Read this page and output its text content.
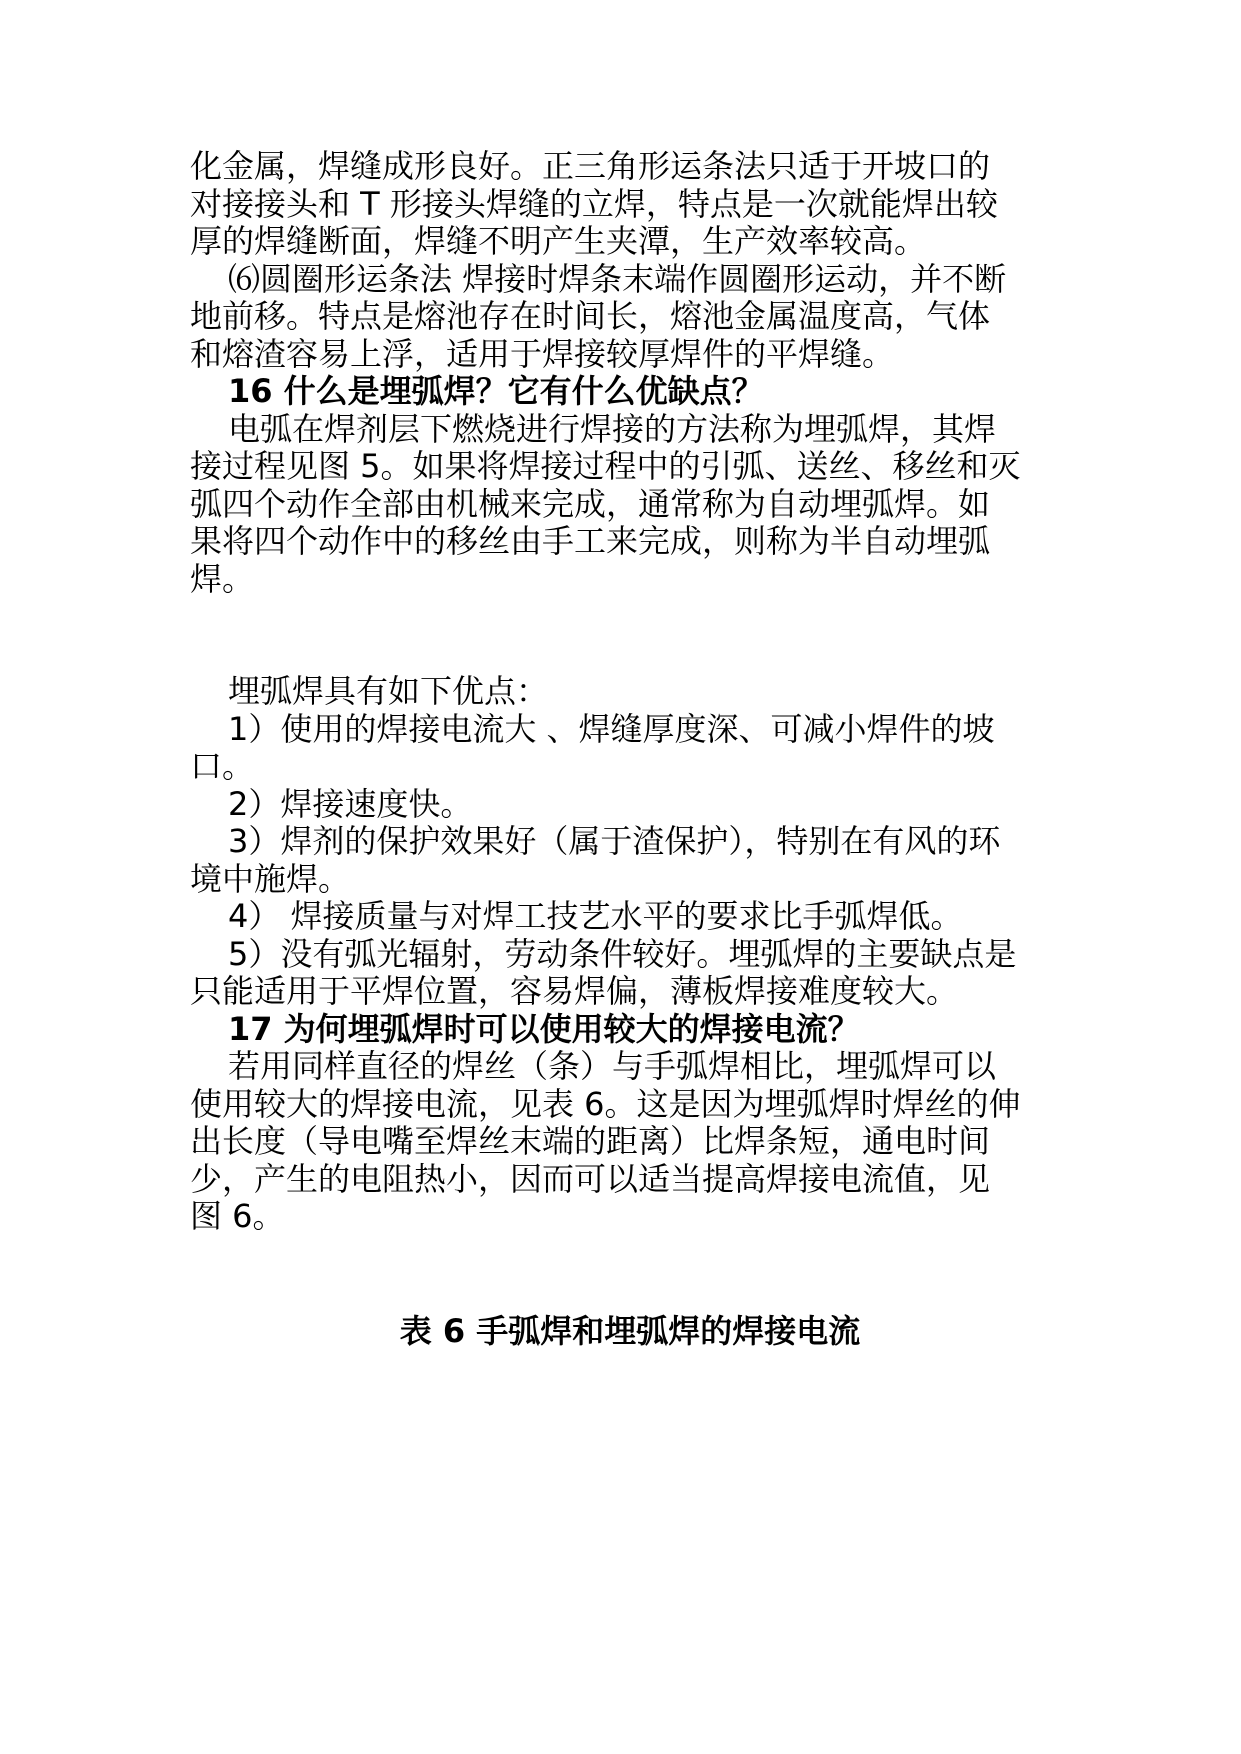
化金属，焊缝成形良好。正三角形运条法只适于开坡口的
对接接头和 T 形接头焊缝的立焊，特点是一次就能焊出较
厚的焊缝断面，焊缝不明产生夹潭，生产效率较高。
⑹圆圈形运条法 焊接时焊条末端作圆圈形运动，并不断
地前移。特点是熔池存在时间长，熔池金属温度高，气体
和熔渣容易上浮，适用于焊接较厚焊件的平焊缝。
16 什么是埋弧焊？它有什么优缺点？
电弧在焊剂层下燃烧进行焊接的方法称为埋弧焊，其焊
接过程见图 5。如果将焊接过程中的引弧、送丝、移丝和灭
弧四个动作全部由机械来完成，通常称为自动埋弧焊。如
果将四个动作中的移丝由手工来完成，则称为半自动埋弧
焊。
埋弧焊具有如下优点：
1）使用的焊接电流大 、焊缝厚度深、可减小焊件的坡
口。
2）焊接速度快。
3）焊剂的保护效果好（属于渣保护），特别在有风的环
境中施焊。
4） 焊接质量与对焊工技艺水平的要求比手弧焊低。
5）没有弧光辐射，劳动条件较好。埋弧焊的主要缺点是
只能适用于平焊位置，容易焊偏，薄板焊接难度较大。
17 为何埋弧焊时可以使用较大的焊接电流？
若用同样直径的焊丝（条）与手弧焊相比，埋弧焊可以
使用较大的焊接电流，见表 6。这是因为埋弧焊时焊丝的伸
出长度（导电嘴至焊丝末端的距离）比焊条短，通电时间
少，产生的电阻热小，因而可以适当提高焊接电流值，见
图 6。
表 6 手弧焊和埋弧焊的焊接电流
